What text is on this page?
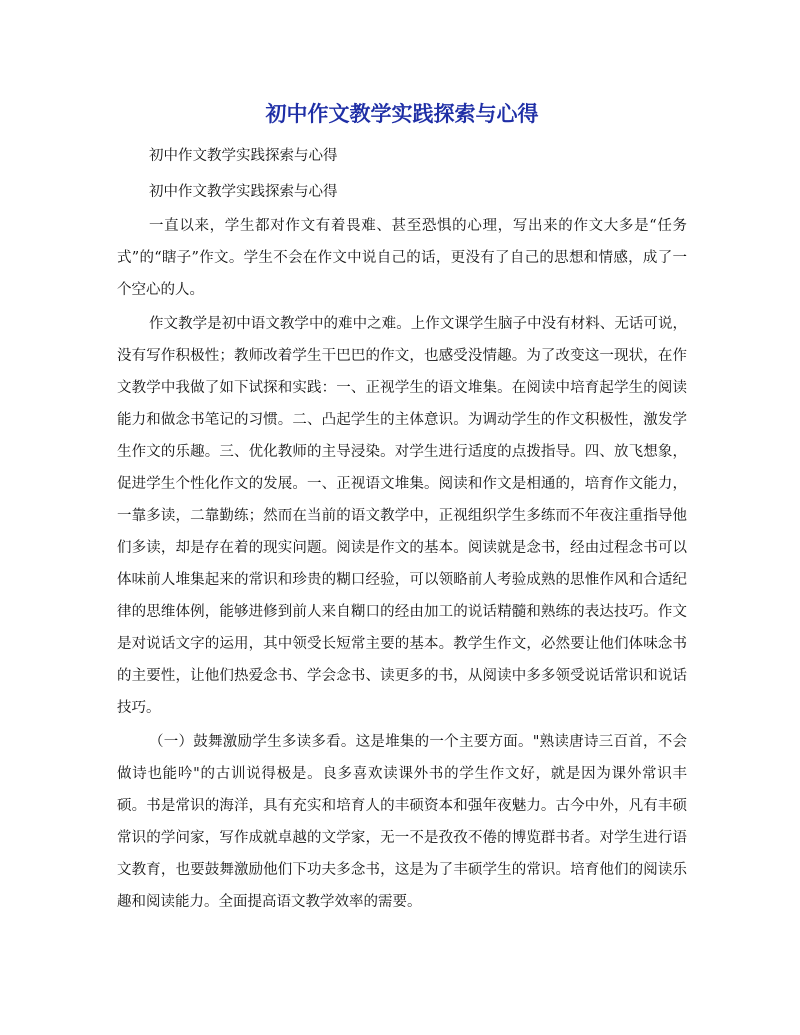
初中作文教学实践探索与心得

初中作文教学实践探索与心得

初中作文教学实践探索与心得

一直以来，学生都对作文有着畏难、甚至恐惧的心理，写出来的作文大多是“任务式”的“瞎子”作文。学生不会在作文中说自己的话，更没有了自己的思想和情感，成了一个空心的人。

作文教学是初中语文教学中的难中之难。上作文课学生脑子中没有材料、无话可说，没有写作积极性；教师改着学生干巴巴的作文，也感受没情趣。为了改变这一现状，在作文教学中我做了如下试探和实践：一、正视学生的语文堆集。在阅读中培育起学生的阅读能力和做念书笔记的习惯。二、凸起学生的主体意识。为调动学生的作文积极性，激发学生作文的乐趣。三、优化教师的主导浸染。对学生进行适度的点拨指导。四、放飞想象，促进学生个性化作文的发展。一、正视语文堆集。阅读和作文是相通的，培育作文能力，一靠多读，二靠勤练；然而在当前的语文教学中，正视组织学生多练而不年夜注重指导他们多读，却是存在着的现实问题。阅读是作文的基本。阅读就是念书，经由过程念书可以体味前人堆集起来的常识和珍贵的糊口经验，可以领略前人考验成熟的思惟作风和合适纪律的思维体例，能够进修到前人来自糊口的经由加工的说话精髓和熟练的表达技巧。作文是对说话文字的运用，其中领受长短常主要的基本。教学生作文，必然要让他们体味念书的主要性，让他们热爱念书、学会念书、读更多的书，从阅读中多多领受说话常识和说话技巧。

（一）鼓舞激励学生多读多看。这是堆集的一个主要方面。"熟读唐诗三百首，不会做诗也能吟"的古训说得极是。良多喜欢读课外书的学生作文好，就是因为课外常识丰硕。书是常识的海洋，具有充实和培育人的丰硕资本和强年夜魅力。古今中外，凡有丰硕常识的学问家，写作成就卓越的文学家，无一不是孜孜不倦的博览群书者。对学生进行语文教育，也要鼓舞激励他们下功夫多念书，这是为了丰硕学生的常识。培育他们的阅读乐趣和阅读能力。全面提高语文教学效率的需要。
